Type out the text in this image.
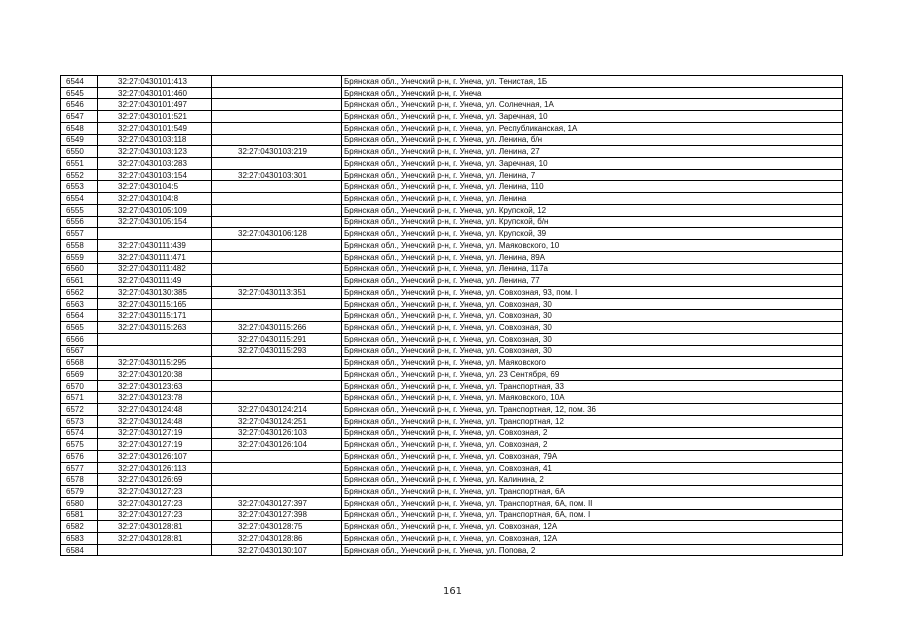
6544	32:27:0430101:413		Брянская обл., Унечский р-н, г. Унеча, ул. Тенистая, 1Б
6545	32:27:0430101:460		Брянская обл., Унечский р-н, г. Унеча
6546	32:27:0430101:497		Брянская обл., Унечский р-н, г. Унеча, ул. Солнечная, 1А
6547	32:27:0430101:521		Брянская обл., Унечский р-н, г. Унеча, ул. Заречная, 10
6548	32:27:0430101:549		Брянская обл., Унечский р-н, г. Унеча, ул. Республиканская, 1А
6549	32:27:0430103:118		Брянская обл., Унечский р-н, г. Унеча, ул. Ленина, б/н
6550	32:27:0430103:123	32:27:0430103:219	Брянская обл., Унечский р-н, г. Унеча, ул. Ленина, 27
6551	32:27:0430103:283		Брянская обл., Унечский р-н, г. Унеча, ул. Заречная, 10
6552	32:27:0430103:154	32:27:0430103:301	Брянская обл., Унечский р-н, г. Унеча, ул. Ленина, 7
6553	32:27:0430104:5		Брянская обл., Унечский р-н, г. Унеча, ул. Ленина, 110
6554	32:27:0430104:8		Брянская обл., Унечский р-н, г. Унеча, ул. Ленина
6555	32:27:0430105:109		Брянская обл., Унечский р-н, г. Унеча, ул. Крупской, 12
6556	32:27:0430105:154		Брянская обл., Унечский р-н, г. Унеча, ул. Крупской, б/н
6557		32:27:0430106:128	Брянская обл., Унечский р-н, г. Унеча, ул. Крупской, 39
6558	32:27:0430111:439		Брянская обл., Унечский р-н, г. Унеча, ул. Маяковского, 10
6559	32:27:0430111:471		Брянская обл., Унечский р-н, г. Унеча, ул. Ленина, 89А
6560	32:27:0430111:482		Брянская обл., Унечский р-н, г. Унеча, ул. Ленина, 117а
6561	32:27:0430111:49		Брянская обл., Унечский р-н, г. Унеча, ул. Ленина, 77
6562	32:27:0430130:385	32:27:0430113:351	Брянская обл., Унечский р-н, г. Унеча, ул. Совхозная, 93, пом. I
6563	32:27:0430115:165		Брянская обл., Унечский р-н, г. Унеча, ул. Совхозная, 30
6564	32:27:0430115:171		Брянская обл., Унечский р-н, г. Унеча, ул. Совхозная, 30
6565	32:27:0430115:263	32:27:0430115:266	Брянская обл., Унечский р-н, г. Унеча, ул. Совхозная, 30
6566		32:27:0430115:291	Брянская обл., Унечский р-н, г. Унеча, ул. Совхозная, 30
6567		32:27:0430115:293	Брянская обл., Унечский р-н, г. Унеча, ул. Совхозная, 30
6568	32:27:0430115:295		Брянская обл., Унечский р-н, г. Унеча, ул. Маяковского
6569	32:27:0430120:38		Брянская обл., Унечский р-н, г. Унеча, ул. 23 Сентября, 69
6570	32:27:0430123:63		Брянская обл., Унечский р-н, г. Унеча, ул. Транспортная, 33
6571	32:27:0430123:78		Брянская обл., Унечский р-н, г. Унеча, ул. Маяковского, 10А
6572	32:27:0430124:48	32:27:0430124:214	Брянская обл., Унечский р-н, г. Унеча, ул. Транспортная, 12, пом. 36
6573	32:27:0430124:48	32:27:0430124:251	Брянская обл., Унечский р-н, г. Унеча, ул. Транспортная, 12
6574	32:27:0430127:19	32:27:0430126:103	Брянская обл., Унечский р-н, г. Унеча, ул. Совхозная, 2
6575	32:27:0430127:19	32:27:0430126:104	Брянская обл., Унечский р-н, г. Унеча, ул. Совхозная, 2
6576	32:27:0430126:107		Брянская обл., Унечский р-н, г. Унеча, ул. Совхозная, 79А
6577	32:27:0430126:113		Брянская обл., Унечский р-н, г. Унеча, ул. Совхозная, 41
6578	32:27:0430126:69		Брянская обл., Унечский р-н, г. Унеча, ул. Калинина, 2
6579	32:27:0430127:23		Брянская обл., Унечский р-н, г. Унеча, ул. Транспортная, 6А
6580	32:27:0430127:23	32:27:0430127:397	Брянская обл., Унечский р-н, г. Унеча, ул. Транспортная, 6А, пом. II
6581	32:27:0430127:23	32:27:0430127:398	Брянская обл., Унечский р-н, г. Унеча, ул. Транспортная, 6А, пом. I
6582	32:27:0430128:81	32:27:0430128:75	Брянская обл., Унечский р-н, г. Унеча, ул. Совхозная, 12А
6583	32:27:0430128:81	32:27:0430128:86	Брянская обл., Унечский р-н, г. Унеча, ул. Совхозная, 12А
6584		32:27:0430130:107	Брянская обл., Унечский р-н, г. Унеча, ул. Попова, 2
161
